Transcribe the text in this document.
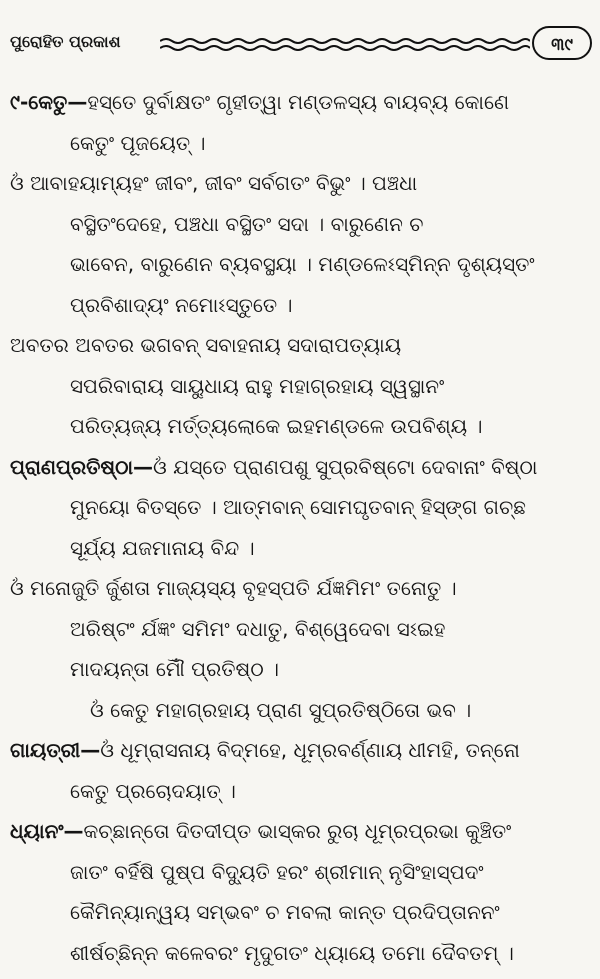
ପୁରୋହିତ ପ୍ରକାଶ	୩୯
୯-କେତୁ—ହସ୍ତେ ଦୁର୍ବାକ୍ଷତଂ ଗୃହୀତ୍ୱା ମଣ୍ଡଳସ୍ୟ ବାୟବ୍ୟ କୋଣେ
କେତୁଂ ପୂଜୟେତ୍ ।
ଓଁ ଆବାହୟାମ୍ୟହଂ ଜୀବଂ, ଜୀବଂ ସର୍ବଗତଂ ବିଭୁଂ । ପଞ୍ଚଧା
ବସ୍ଥିତଂଦେହେ, ପଞ୍ଚଧା ବସ୍ଥିତଂ ସଦା । ବାରୁଣେନ ଚ
ଭାବେନ, ବାରୁଣେନ ବ୍ୟବସ୍ଥୟା । ମଣ୍ଡଳେଽସ୍ମିନ୍ନ ଦୃଶ୍ୟସ୍ତଂ
ପ୍ରବିଶାଦ୍ୟଂ ନମୋଽସ୍ତୁତେ ।
ଅବତର ଅବତର ଭଗବନ୍ ସବାହନାୟ ସଦାରାପତ୍ୟାୟ
ସପରିବାରାୟ ସାୟୁଧାୟ ରାହୁ ମହାଗ୍ରହାୟ ସ୍ୱସ୍ଥାନଂ
ପରିତ୍ୟଜ୍ୟ ମର୍ତ୍ତ୍ୟଲୋକେ ଇହମଣ୍ଡଳେ ଉପବିଶ୍ୟ ।
ପ୍ରାଣପ୍ରତିଷ୍ଠା—ଓଁ ଯସ୍ତେ ପ୍ରାଣପଶୁ ସୁପ୍ରବିଷ୍ଟୋ ଦେବାନାଂ ବିଷ୍ଠା
ମୁନୟୋ ବିତସ୍ତେ । ଆତ୍ମବାନ୍ ସୋମଘୃତବାନ୍ ହିସ୍ଙ୍ଗ ଗଚ୍ଛ
ସୂର୍ଯ୍ୟ ଯଜମାନାୟ ବିନ୍ଦ ।
ଓଁ ମନୋଜୁତି ର୍ଜୁଶତା ମାଜ୍ୟସ୍ୟ ବୃହସ୍ପତି ର୍ଯଜ୍ଞମିମଂ ତନୋତୁ ।
ଅରିଷ୍ଟଂ ର୍ଯଜ୍ଞଂ ସମିମଂ ଦଧାତୁ, ବିଶ୍ୱେଦେବା ସଽଇହ
ମାଦୟନ୍ତା ମୌଁ ପ୍ରତିଷ୍ଠ ।
ଓଁ କେତୁ ମହାଗ୍ରହାୟ ପ୍ରାଣ ସୁପ୍ରତିଷ୍ଠିତୋ ଭବ ।
ଗାୟତ୍ରୀ—ଓଁ ଧୂମ୍ରାସନାୟ ବିଦ୍ମହେ, ଧୂମ୍ରବର୍ଣ୍ଣାୟ ଧୀମହି, ତନ୍ନୋ
କେତୁ ପ୍ରଚୋଦୟାତ୍ ।
ଧ୍ୟାନଂ—କଚ୍ଛାନ୍ତୋ ଦିତଦୀପ୍ତ ଭାସ୍କର ରୁଚା ଧୂମ୍ରପ୍ରଭା କୁଞ୍ଚିତଂ
ଜାତଂ ବର୍ହିଷି ପୁଷ୍ପ ବିଦ୍ୟୁତି ହରଂ ଶ୍ରୀମାନ୍ ନୃସିଂହାସ୍ପଦଂ
କୈମିନ୍ୟାନ୍ୱୟ ସମ୍ଭବଂ ଚ ମବଲା କାନ୍ତ ପ୍ରଦିପ୍ତାନନଂ
ଶୀର୍ଷଚ୍ଛିନ୍ନ କଳେବରଂ ମୃଦୁଗତଂ ଧ୍ୟାୟେ ତମୋ ଦୈବତମ୍ ।
